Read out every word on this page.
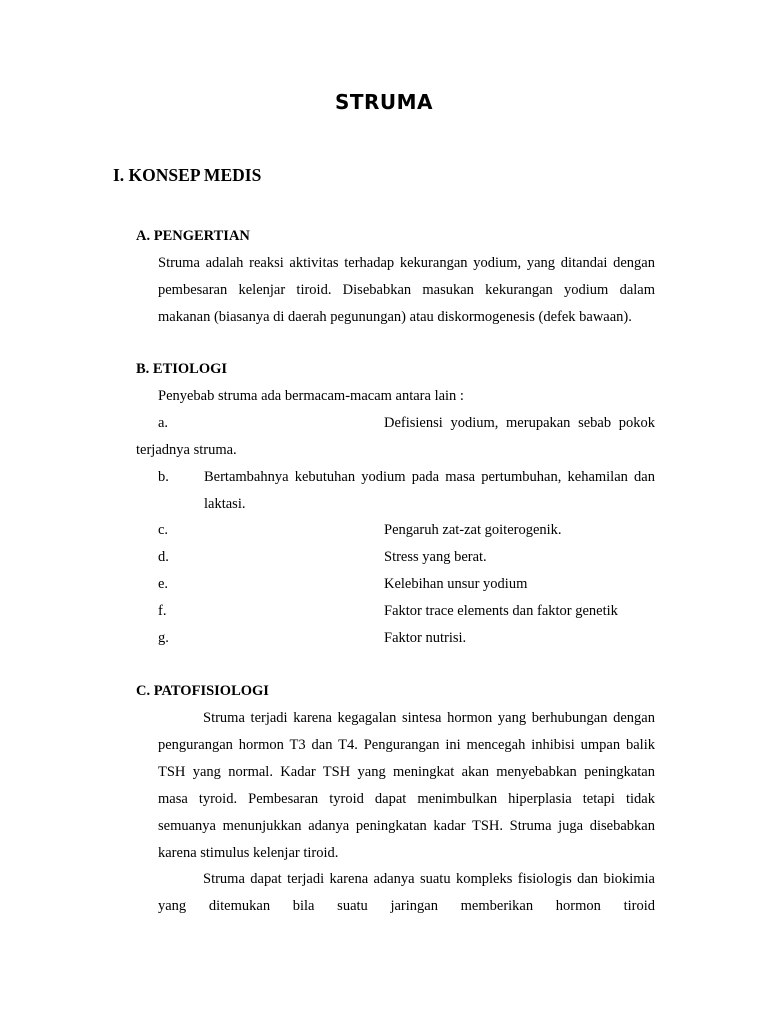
STRUMA
I. KONSEP MEDIS
A. PENGERTIAN
Struma adalah reaksi aktivitas terhadap kekurangan yodium, yang ditandai dengan pembesaran kelenjar tiroid. Disebabkan masukan kekurangan yodium dalam makanan (biasanya di daerah pegunungan) atau diskormogenesis (defek bawaan).
B. ETIOLOGI
Penyebab struma ada bermacam-macam antara lain :
a.	Defisiensi yodium, merupakan sebab pokok
terjadnya struma.
b. Bertambahnya kebutuhan yodium pada masa pertumbuhan, kehamilan dan
laktasi.
c.	Pengaruh zat-zat goiterogenik.
d.	Stress yang berat.
e.	Kelebihan unsur yodium
f.	Faktor trace elements dan faktor genetik
g.	Faktor nutrisi.
C. PATOFISIOLOGI
Struma terjadi karena kegagalan sintesa hormon yang berhubungan dengan pengurangan hormon T3 dan T4. Pengurangan ini mencegah inhibisi umpan balik TSH yang normal. Kadar TSH yang meningkat akan menyebabkan peningkatan masa tyroid. Pembesaran tyroid dapat menimbulkan hiperplasia tetapi tidak semuanya menunjukkan adanya peningkatan kadar TSH. Struma juga disebabkan karena stimulus kelenjar tiroid.
Struma dapat terjadi karena adanya suatu kompleks fisiologis dan biokimia yang ditemukan bila suatu jaringan memberikan hormon tiroid
